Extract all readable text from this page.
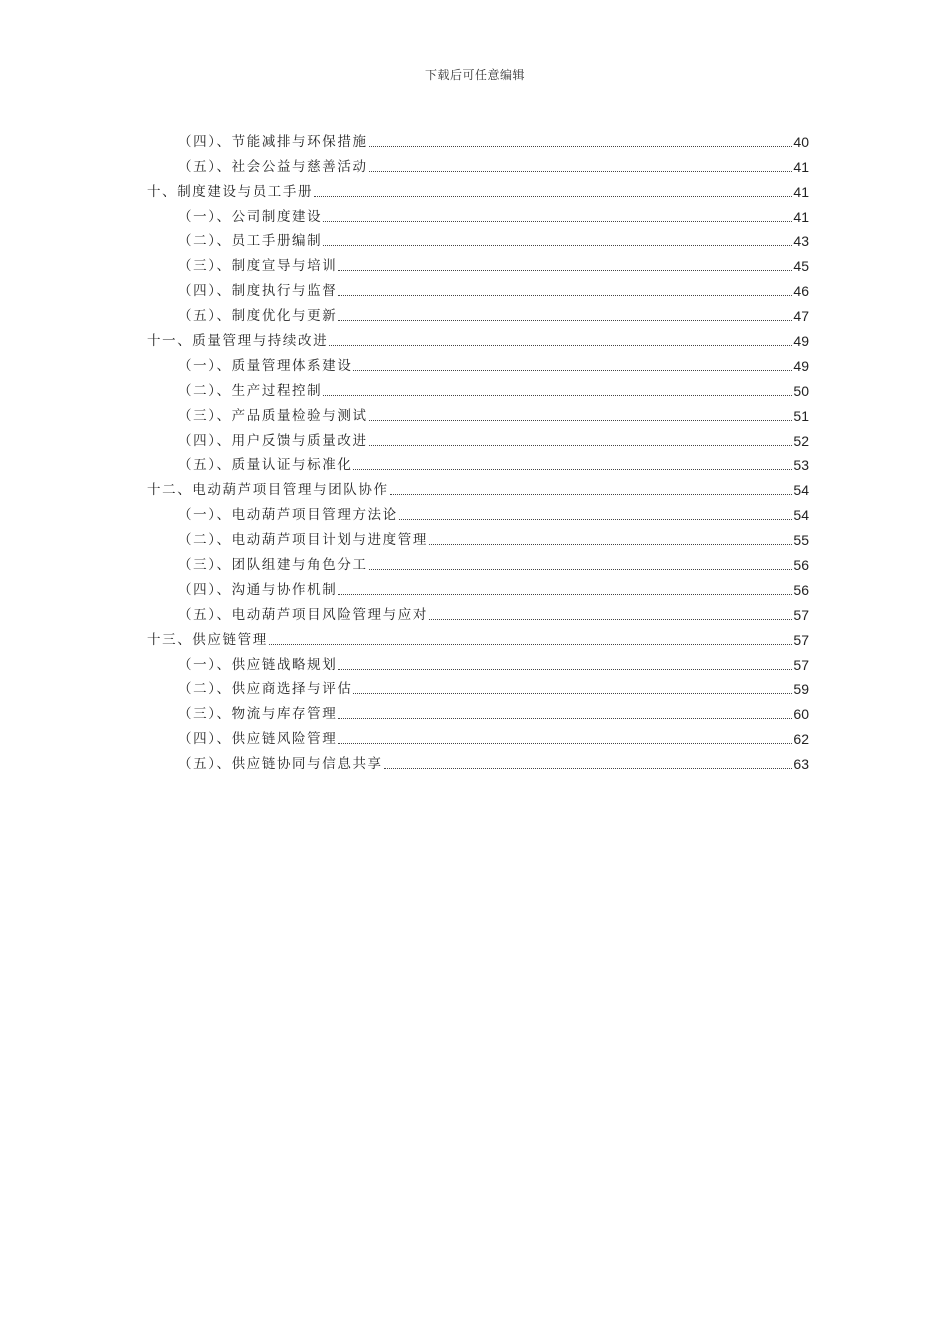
下载后可任意编辑
（四）、节能减排与环保措施	40
（五）、社会公益与慈善活动	41
十、制度建设与员工手册	41
（一）、公司制度建设	41
（二）、员工手册编制	43
（三）、制度宣导与培训	45
（四）、制度执行与监督	46
（五）、制度优化与更新	47
十一、质量管理与持续改进	49
（一）、质量管理体系建设	49
（二）、生产过程控制	50
（三）、产品质量检验与测试	51
（四）、用户反馈与质量改进	52
（五）、质量认证与标准化	53
十二、电动葫芦项目管理与团队协作	54
（一）、电动葫芦项目管理方法论	54
（二）、电动葫芦项目计划与进度管理	55
（三）、团队组建与角色分工	56
（四）、沟通与协作机制	56
（五）、电动葫芦项目风险管理与应对	57
十三、供应链管理	57
（一）、供应链战略规划	57
（二）、供应商选择与评估	59
（三）、物流与库存管理	60
（四）、供应链风险管理	62
（五）、供应链协同与信息共享	63
